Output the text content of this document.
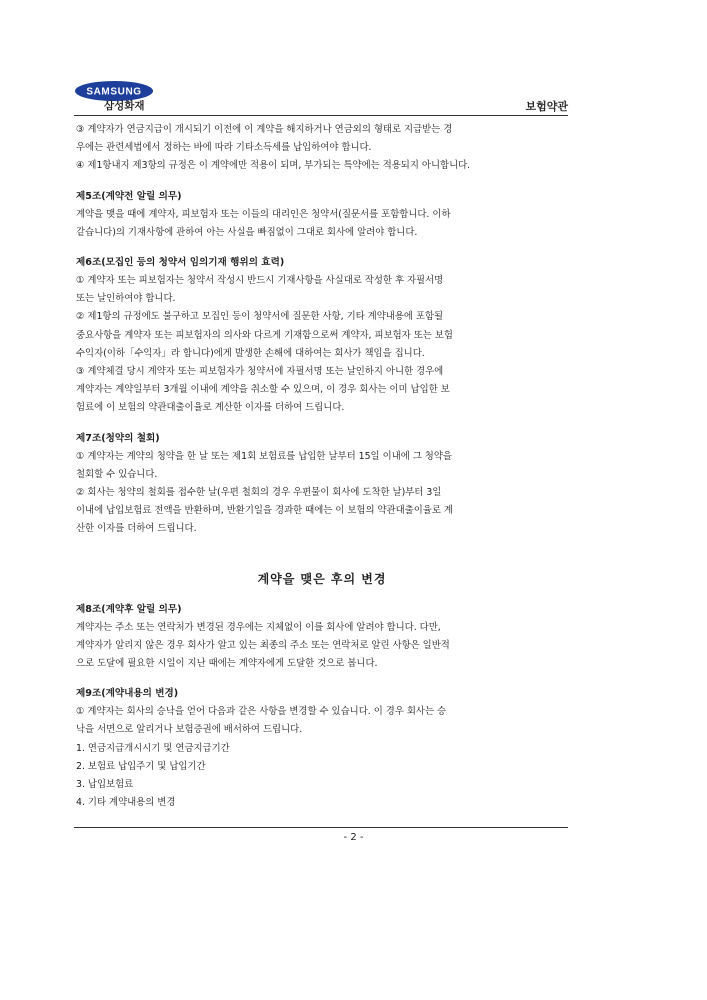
SAMSUNG
삼성화재	보험약관

③ 계약자가 연금지급이 개시되기 이전에 이 계약을 해지하거나 연금외의 형태로 지급받는 경

우에는 관련세법에서 정하는 바에 따라 기타소득세를 납입하여야 합니다.

④ 제1항내지 제3항의 규정은 이 계약에만 적용이 되며, 부가되는 특약에는 적용되지 아니합니다.

제5조(계약전 알릴 의무)

계약을 맺을 때에 계약자, 피보험자 또는 이들의 대리인은 청약서(질문서를 포함합니다. 이하

같습니다)의 기재사항에 관하여 아는 사실을 빠짐없이 그대로 회사에 알려야 합니다.

제6조(모집인 등의 청약서 임의기재 행위의 효력)

① 계약자 또는 피보험자는 청약서 작성시 반드시 기재사항을 사실대로 작성한 후 자필서명

또는 날인하여야 합니다.

② 제1항의 규정에도 불구하고 모집인 등이 청약서에 질문한 사항, 기타 계약내용에 포함될

중요사항을 계약자 또는 피보험자의 의사와 다르게 기재함으로써 계약자, 피보험자 또는 보험

수익자(이하「수익자」라 합니다)에게 발생한 손해에 대하여는 회사가 책임을 집니다.

③ 계약체결 당시 계약자 또는 피보험자가 청약서에 자필서명 또는 날인하지 아니한 경우에

계약자는 계약일부터 3개월 이내에 계약을 취소할 수 있으며, 이 경우 회사는 이미 납입한 보

험료에 이 보험의 약관대출이율로 계산한 이자를 더하여 드립니다.

제7조(청약의 철회)

① 계약자는 계약의 청약을 한 날 또는 제1회 보험료를 납입한 날부터 15일 이내에 그 청약을

철회할 수 있습니다.

② 회사는 청약의 철회를 접수한 날(우편 철회의 경우 우편물이 회사에 도착한 날)부터 3일

이내에 납입보험료 전액을 반환하며, 반환기일을 경과한 때에는 이 보험의 약관대출이율로 계

산한 이자를 더하여 드립니다.

계약을 맺은 후의 변경

제8조(계약후 알릴 의무)

계약자는 주소 또는 연락처가 변경된 경우에는 지체없이 이를 회사에 알려야 합니다. 다만,

계약자가 알리지 않은 경우 회사가 알고 있는 최종의 주소 또는 연락처로 알린 사항은 일반적

으로 도달에 필요한 시일이 지난 때에는 계약자에게 도달한 것으로 봅니다.

제9조(계약내용의 변경)

① 계약자는 회사의 승낙을 얻어 다음과 같은 사항을 변경할 수 있습니다. 이 경우 회사는 승

낙을 서면으로 알리거나 보험증권에 배서하여 드립니다.

1. 연금지급개시시기 및 연금지급기간

2. 보험료 납입주기 및 납입기간

3. 납입보험료

4. 기타 계약내용의 변경

- 2 -
